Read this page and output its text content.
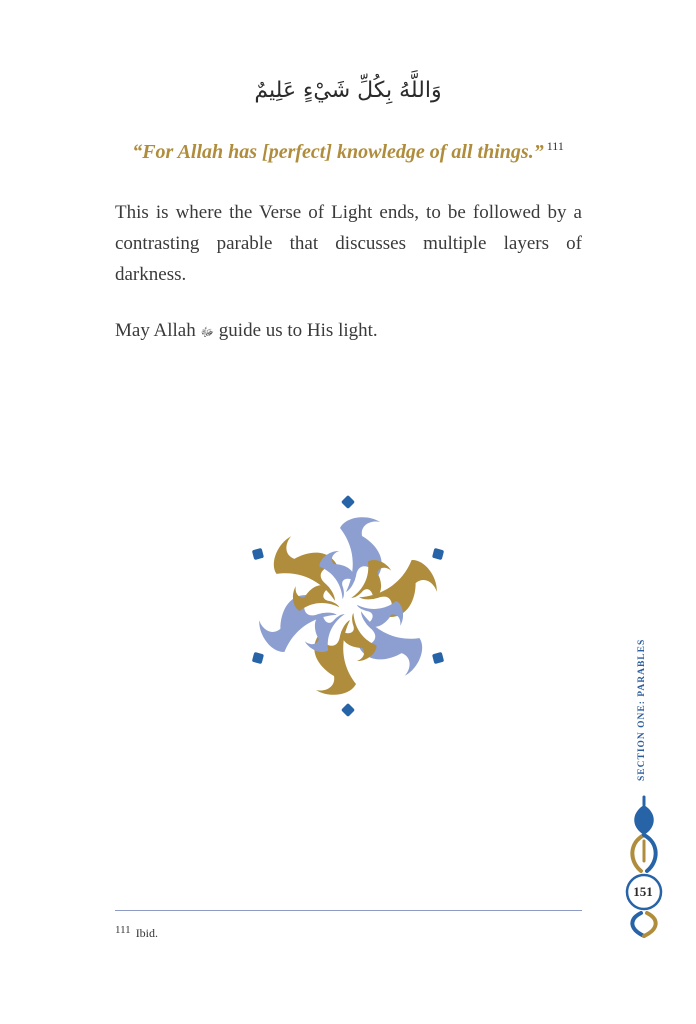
وَاللَّهُ بِكُلِّ شَيْءٍ عَلِيمٌ
“For Allah has [perfect] knowledge of all things.” $^{111}$

This is where the Verse of Light ends, to be followed by a contrasting parable that discusses multiple layers of darkness.

May Allah ﷻ guide us to His light.

$^{111}$ Ibid.
SECTION ONE: PARABLES
151
